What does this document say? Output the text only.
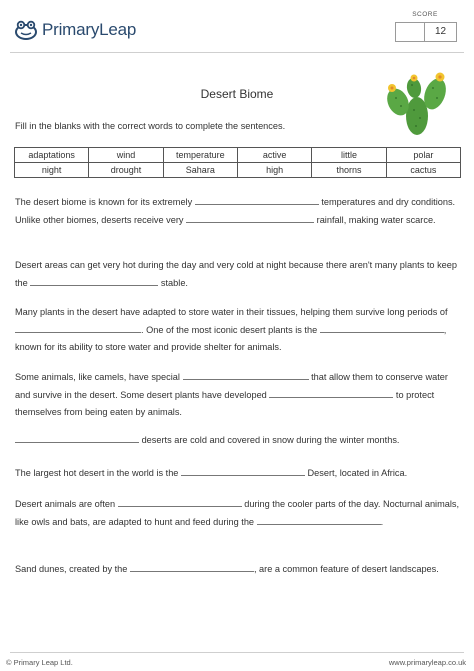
PrimaryLeap
SCORE
12
Desert Biome
Fill in the blanks with the correct words to complete the sentences.
adaptations	wind	temperature	active	little	polar
night	drought	Sahara	high	thorns	cactus
The desert biome is known for its extremely	temperatures and dry conditions. Unlike other biomes, deserts receive very	rainfall, making water scarce.
Desert areas can get very hot during the day and very cold at night because there aren't many plants to keep the	stable.
Many plants in the desert have adapted to store water in their tissues, helping them survive long periods of . One of the most iconic desert plants is the	, known for its ability to store water and provide shelter for animals.
Some animals, like camels, have special	that allow them to conserve water and survive in the desert. Some desert plants have developed	to protect themselves from being eaten by animals.
deserts are cold and covered in snow during the winter months.
The largest hot desert in the world is the	Desert, located in Africa.
Desert animals are often	during the cooler parts of the day. Nocturnal animals, like owls and bats, are adapted to hunt and feed during the	.
Sand dunes, created by the	, are a common feature of desert landscapes.
© Primary Leap Ltd.	www.primaryleap.co.uk
